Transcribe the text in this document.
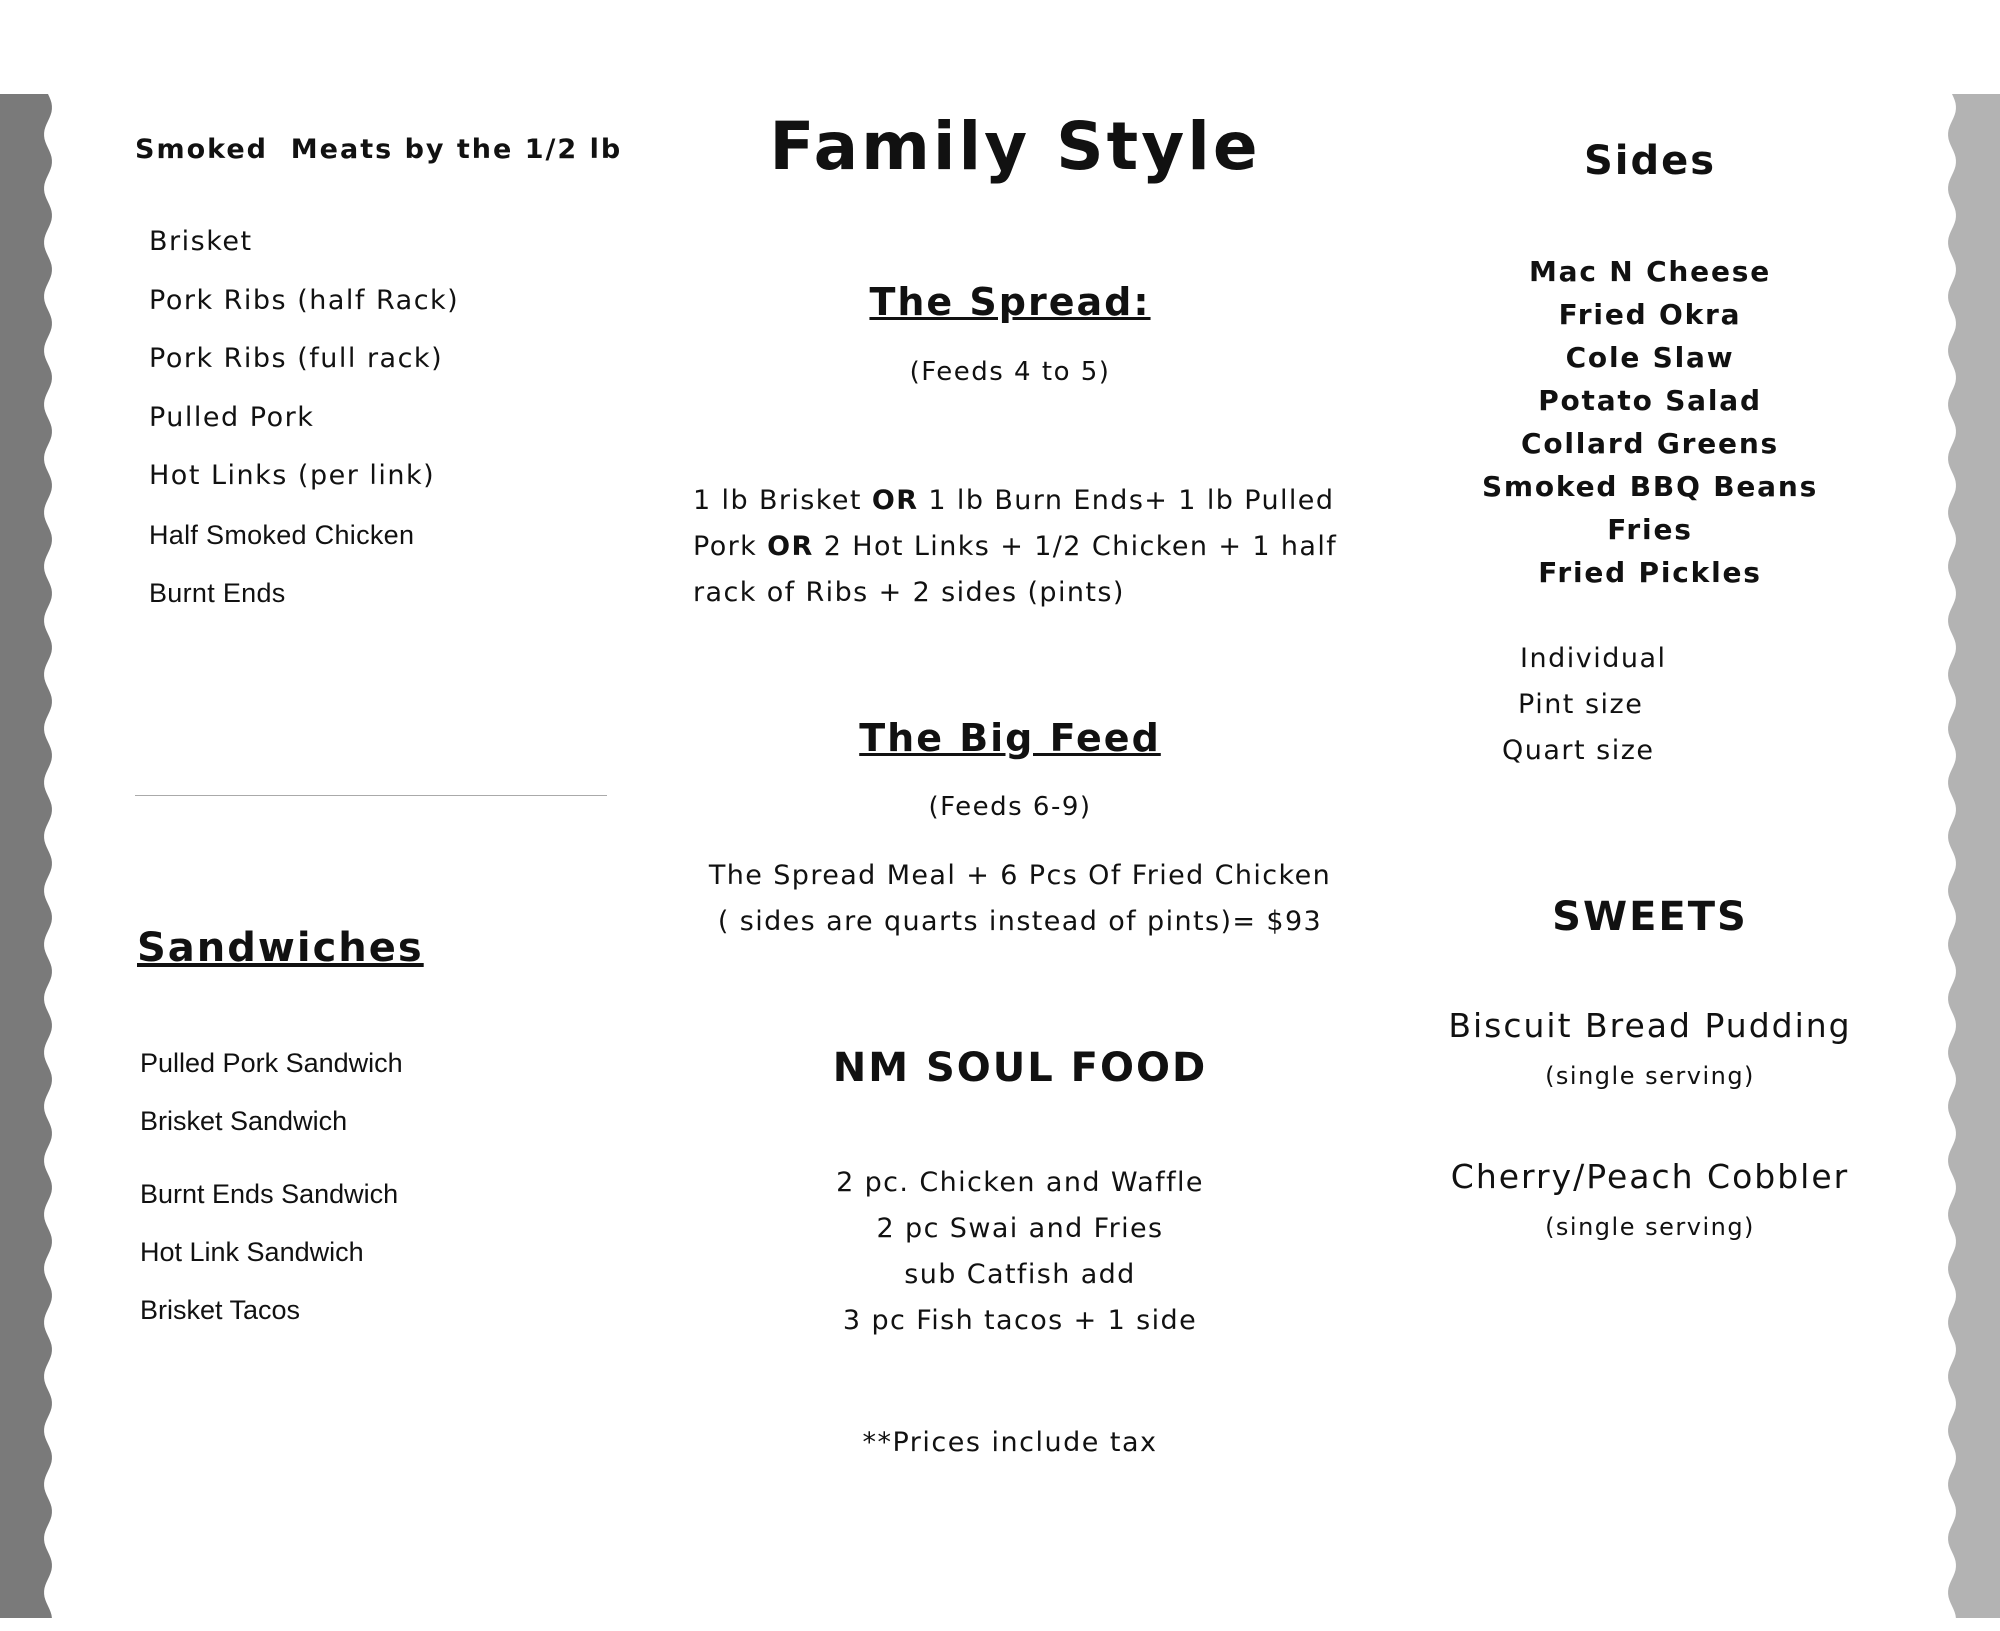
Smoked  Meats by the 1/2 lb
Brisket
Pork Ribs (half Rack)
Pork Ribs (full rack)
Pulled Pork
Hot Links (per link)
Half Smoked Chicken
Burnt Ends
Sandwiches
Pulled Pork Sandwich
Brisket Sandwich
Burnt Ends Sandwich
Hot Link Sandwich
Brisket Tacos
Family Style
The Spread:
(Feeds 4 to 5)
1 lb Brisket OR 1 lb Burn Ends+ 1 lb Pulled Pork OR 2 Hot Links + 1/2 Chicken + 1 half rack of Ribs + 2 sides (pints)
The Big Feed
(Feeds 6-9)
The Spread Meal + 6 Pcs Of Fried Chicken
( sides are quarts instead of pints)= $93
NM SOUL FOOD
2 pc. Chicken and Waffle
2 pc Swai and Fries
sub Catfish add
3 pc Fish tacos + 1 side
**Prices include tax
Sides
Mac N Cheese
Fried Okra
Cole Slaw
Potato Salad
Collard Greens
Smoked BBQ Beans
Fries
Fried Pickles
Individual
Pint size
Quart size
SWEETS
Biscuit Bread Pudding
(single serving)
Cherry/Peach Cobbler
(single serving)
